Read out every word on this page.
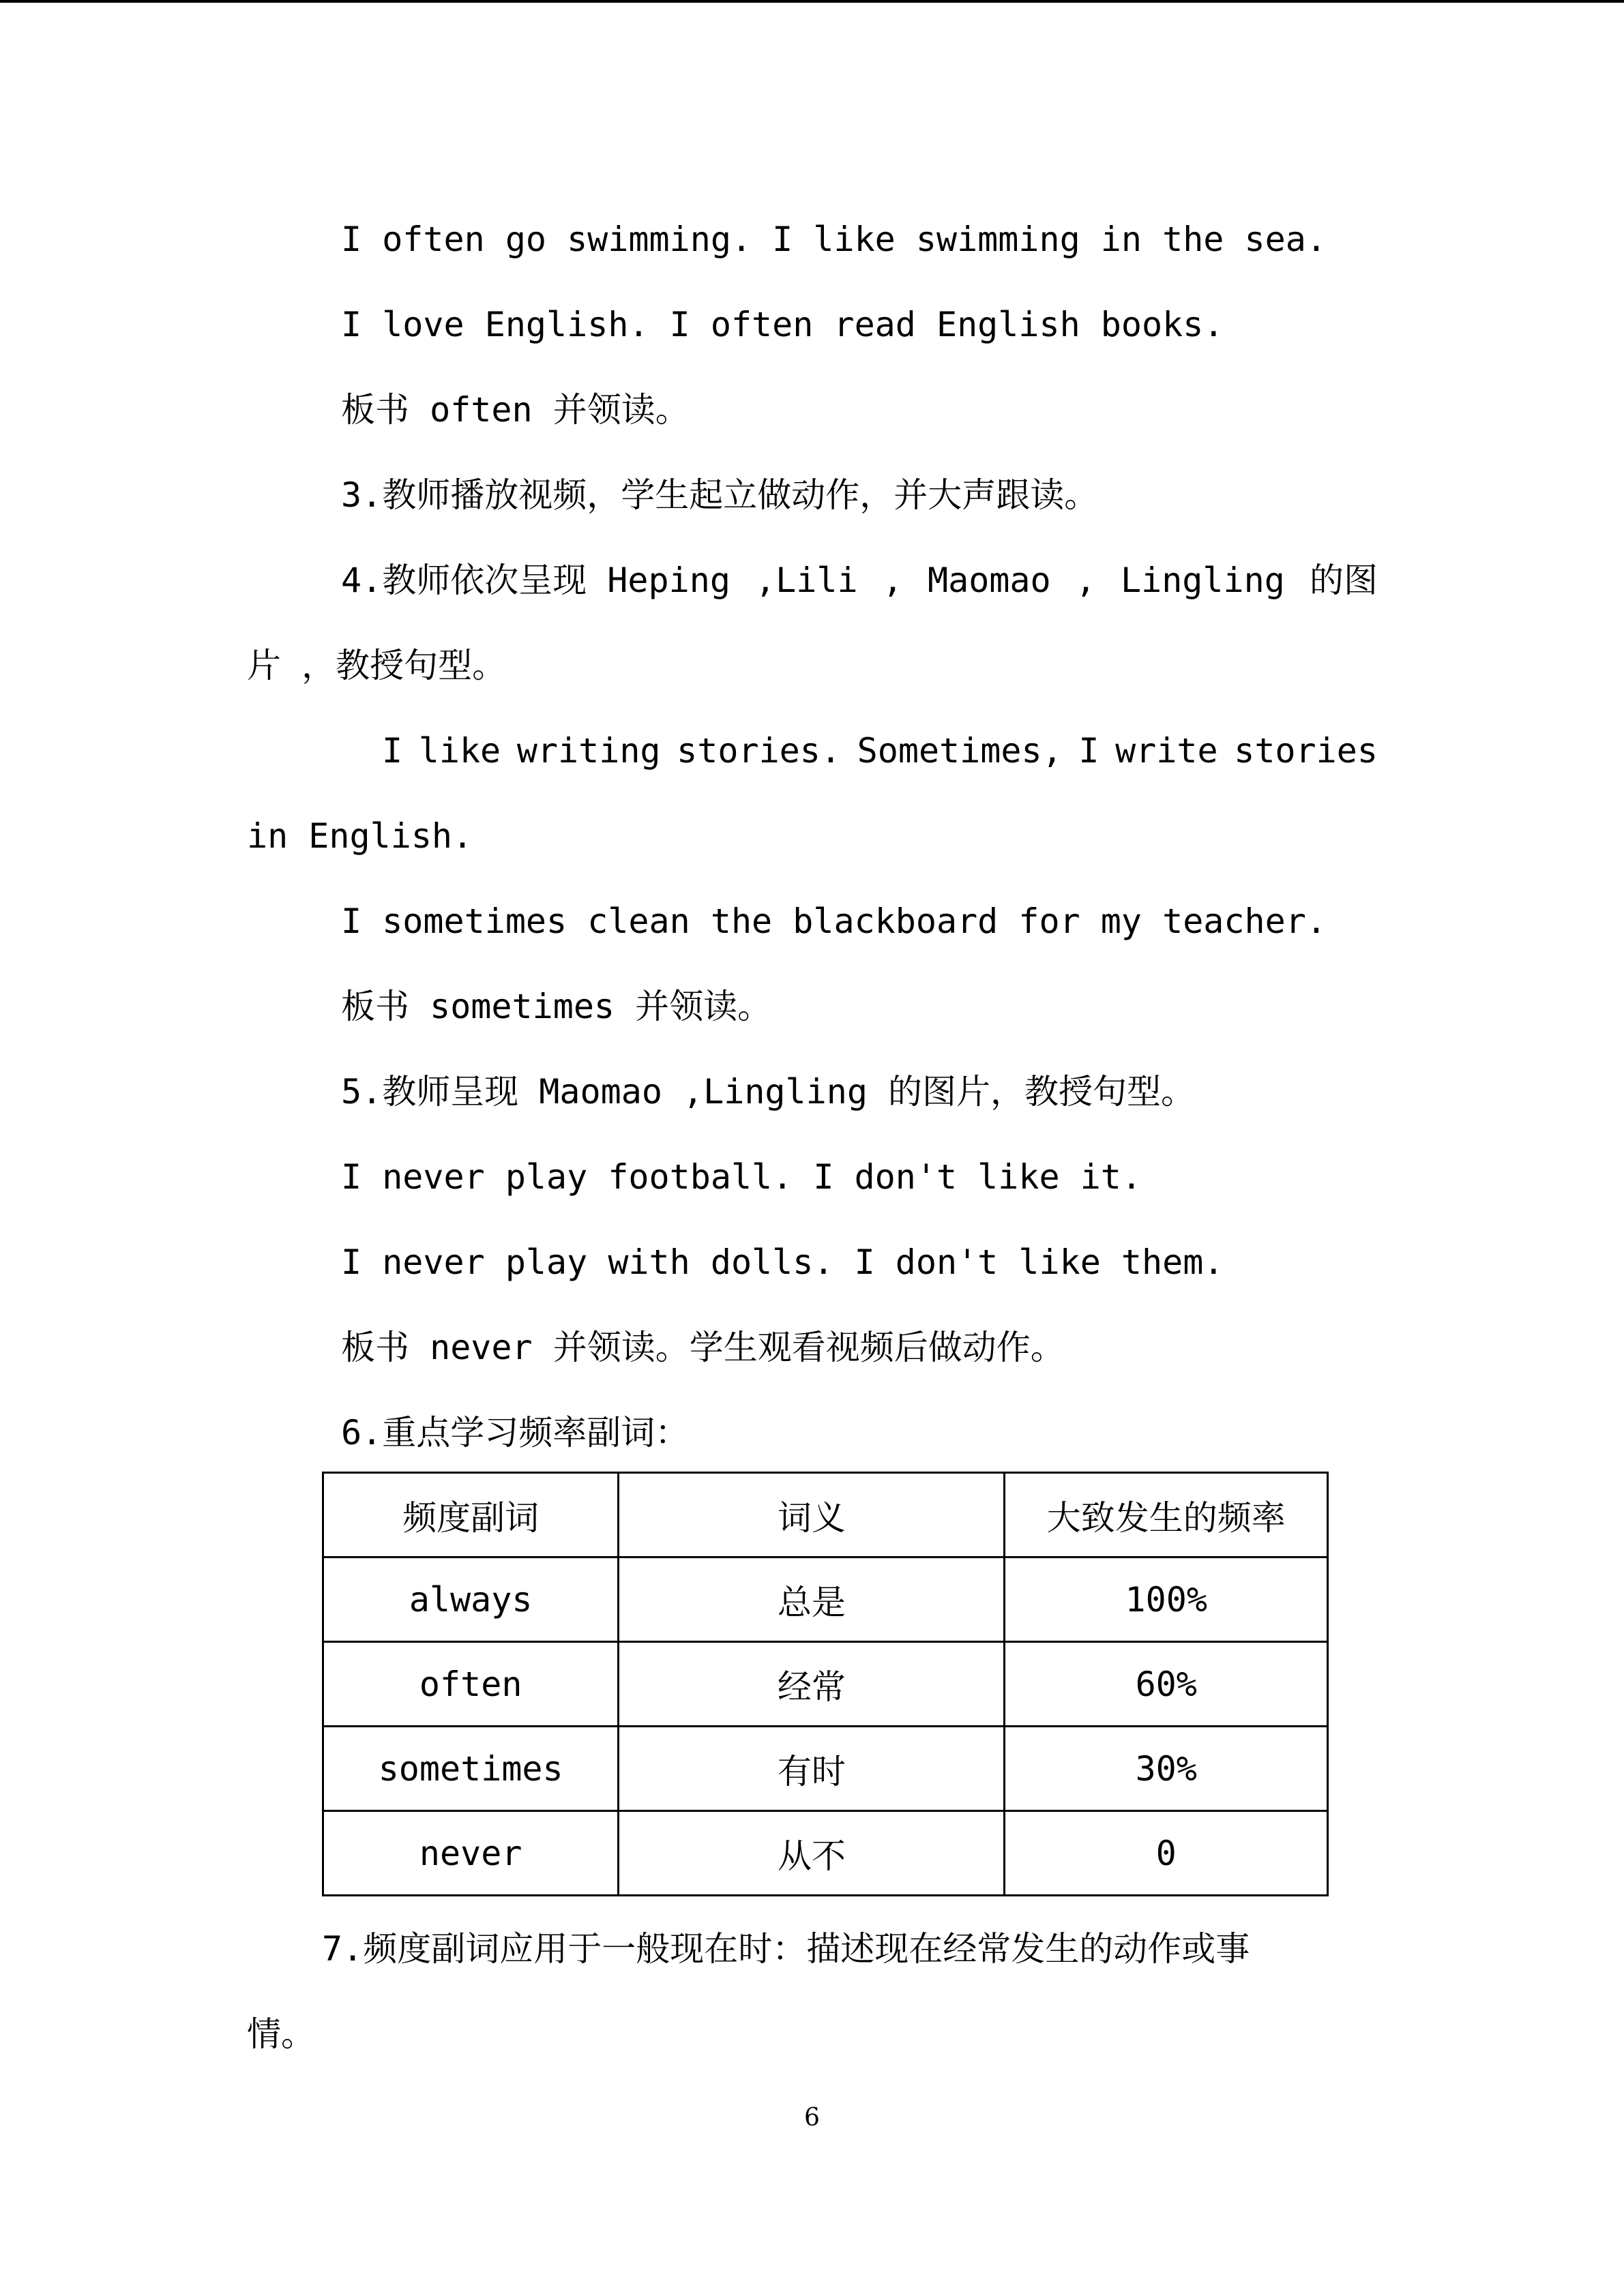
I often go swimming. I like swimming in the sea.

I love English. I often read English books.

板书 often 并领读。

3.教师播放视频，学生起立做动作，并大声跟读。

4.教师依次呈现 Heping ,Lili , Maomao , Lingling 的图

片 ，教授句型。

I like writing stories. Sometimes, I write stories

in English.

I sometimes clean the blackboard for my teacher.

板书 sometimes 并领读。

5.教师呈现 Maomao ,Lingling 的图片，教授句型。

I never play football. I don't like it.

I never play with dolls. I don't like them.

板书 never 并领读。学生观看视频后做动作。

6.重点学习频率副词：

频度副词	词义	大致发生的频率
always	总是	100%
often	经常	60%
sometimes	有时	30%
never	从不	0

7.频度副词应用于一般现在时：描述现在经常发生的动作或事

情。

6
